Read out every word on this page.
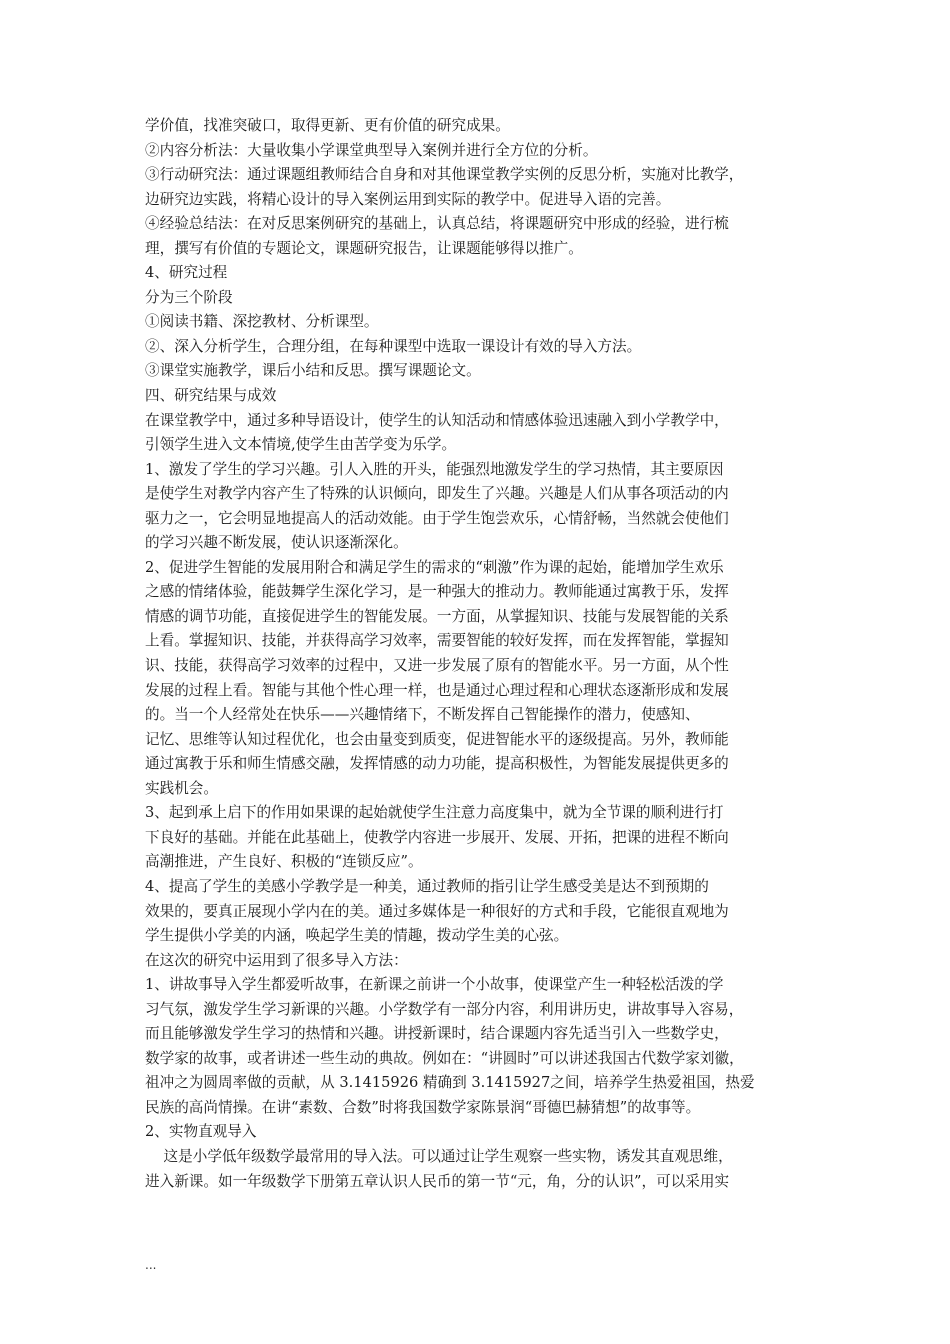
学价值，找准突破口，取得更新、更有价值的研究成果。
②内容分析法：大量收集小学课堂典型导入案例并进行全方位的分析。
③行动研究法：通过课题组教师结合自身和对其他课堂教学实例的反思分析，实施对比教学，
边研究边实践，将精心设计的导入案例运用到实际的教学中。促进导入语的完善。
④经验总结法：在对反思案例研究的基础上，认真总结，将课题研究中形成的经验，进行梳
理，撰写有价值的专题论文，课题研究报告，让课题能够得以推广。
4、研究过程
分为三个阶段
①阅读书籍、深挖教材、分析课型。
②、深入分析学生，合理分组，在每种课型中选取一课设计有效的导入方法。
③课堂实施教学，课后小结和反思。撰写课题论文。
四、研究结果与成效
在课堂教学中，通过多种导语设计，使学生的认知活动和情感体验迅速融入到小学教学中，
引领学生进入文本情境,使学生由苦学变为乐学。
1、激发了学生的学习兴趣。引人入胜的开头，能强烈地激发学生的学习热情，其主要原因
是使学生对教学内容产生了特殊的认识倾向，即发生了兴趣。兴趣是人们从事各项活动的内
驱力之一，它会明显地提高人的活动效能。由于学生饱尝欢乐，心情舒畅，当然就会使他们
的学习兴趣不断发展，使认识逐渐深化。
2、促进学生智能的发展用附合和满足学生的需求的“刺激”作为课的起始，能增加学生欢乐
之感的情绪体验，能鼓舞学生深化学习，是一种强大的推动力。教师能通过寓教于乐，发挥
情感的调节功能，直接促进学生的智能发展。一方面，从掌握知识、技能与发展智能的关系
上看。掌握知识、技能，并获得高学习效率，需要智能的较好发挥，而在发挥智能，掌握知
识、技能，获得高学习效率的过程中，又进一步发展了原有的智能水平。另一方面，从个性
发展的过程上看。智能与其他个性心理一样，也是通过心理过程和心理状态逐渐形成和发展
的。当一个人经常处在快乐——兴趣情绪下，不断发挥自己智能操作的潜力，使感知、
记忆、思维等认知过程优化，也会由量变到质变，促进智能水平的逐级提高。另外，教师能
通过寓教于乐和师生情感交融，发挥情感的动力功能，提高积极性，为智能发展提供更多的
实践机会。
3、起到承上启下的作用如果课的起始就使学生注意力高度集中，就为全节课的顺利进行打
下良好的基础。并能在此基础上，使教学内容进一步展开、发展、开拓，把课的进程不断向
高潮推进，产生良好、积极的“连锁反应”。
4、提高了学生的美感小学教学是一种美，通过教师的指引让学生感受美是达不到预期的
效果的，要真正展现小学内在的美。通过多媒体是一种很好的方式和手段，它能很直观地为
学生提供小学美的内涵，唤起学生美的情趣，拨动学生美的心弦。
在这次的研究中运用到了很多导入方法：
1、讲故事导入学生都爱听故事，在新课之前讲一个小故事，使课堂产生一种轻松活泼的学
习气氛，激发学生学习新课的兴趣。小学数学有一部分内容，利用讲历史，讲故事导入容易，
而且能够激发学生学习的热情和兴趣。讲授新课时，结合课题内容先适当引入一些数学史，
数学家的故事，或者讲述一些生动的典故。例如在：“讲圆时”可以讲述我国古代数学家刘徽，
祖冲之为圆周率做的贡献，从 3.1415926 精确到 3.1415927之间，培养学生热爱祖国，热爱
民族的高尚情操。在讲“素数、合数”时将我国数学家陈景润“哥德巴赫猜想”的故事等。
2、实物直观导入
这是小学低年级数学最常用的导入法。可以通过让学生观察一些实物，诱发其直观思维，
进入新课。如一年级数学下册第五章认识人民币的第一节“元，角，分的认识”，可以采用实
...
